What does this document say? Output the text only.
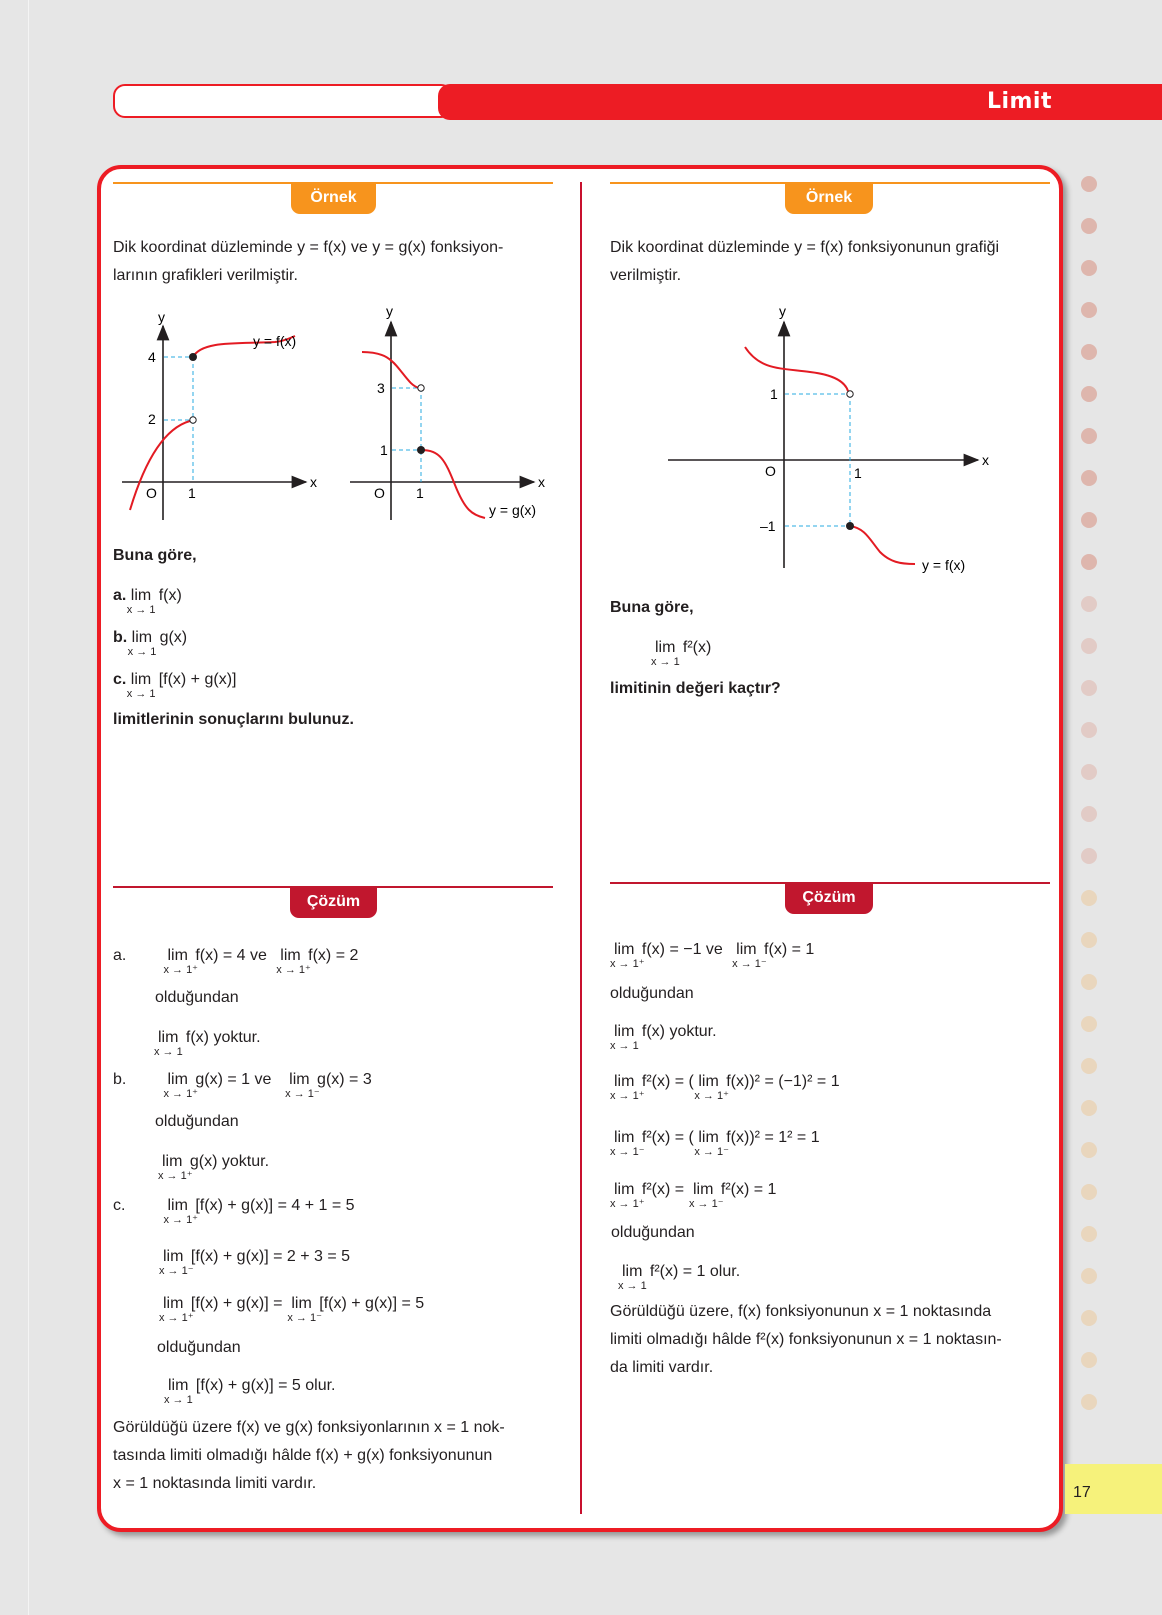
Limit
Örnek
Dik koordinat düzleminde y = f(x) ve y = g(x) fonksiyon-
larının grafikleri verilmiştir.
y
x
O 1
4
2
y = f(x)
y
x
O 1
3
1
y = g(x)
Buna göre,
a. lim
x → 1
f(x)
b. lim
x → 1
g(x)
c. lim
x → 1
[f(x) + g(x)]
limitlerinin sonuçlarını bulunuz.
Örnek
Dik koordinat düzleminde y = f(x) fonksiyonunun grafiği
verilmiştir.
y
x
O	1
1
–1
y = f(x)
Buna göre,
lim
x → 1
f²(x)
limitinin değeri kaçtır?
Çözüm
a.	lim
x → 1⁺
f(x) = 4 ve lim
x → 1⁺
f(x) = 2
olduğundan
lim
x → 1
f(x) yoktur.
b.	lim
x → 1⁺
g(x) = 1 ve lim
x → 1⁻
g(x) = 3
olduğundan
lim
x → 1⁺
g(x) yoktur.
c.	lim
x → 1⁺
[f(x) + g(x)] = 4 + 1 = 5
lim
x → 1⁻
[f(x) + g(x)] = 2 + 3 = 5
lim
x → 1⁺
[f(x) + g(x)] = lim
x → 1⁻
[f(x) + g(x)] = 5
olduğundan
lim
x → 1
[f(x) + g(x)] = 5 olur.
Görüldüğü üzere f(x) ve g(x) fonksiyonlarının x = 1 nok-
tasında limiti olmadığı hâlde f(x) + g(x) fonksiyonunun
x = 1 noktasında limiti vardır.
Çözüm
lim
x → 1⁺
f(x) = −1 ve lim
x → 1⁻
f(x) = 1
olduğundan
lim
x → 1
f(x) yoktur.
lim
x → 1⁺
f²(x) = ( lim
x → 1⁺
f(x))² = (−1)² = 1
lim
x → 1⁻
f²(x) = ( lim
x → 1⁻
f(x))² = 1² = 1
lim
x → 1⁺
f²(x) = lim
x → 1⁻
f²(x) = 1
olduğundan
lim
x → 1
f²(x) = 1 olur.
Görüldüğü üzere, f(x) fonksiyonunun x = 1 noktasında
limiti olmadığı hâlde f²(x) fonksiyonunun x = 1 noktasın-
da limiti vardır.
17
